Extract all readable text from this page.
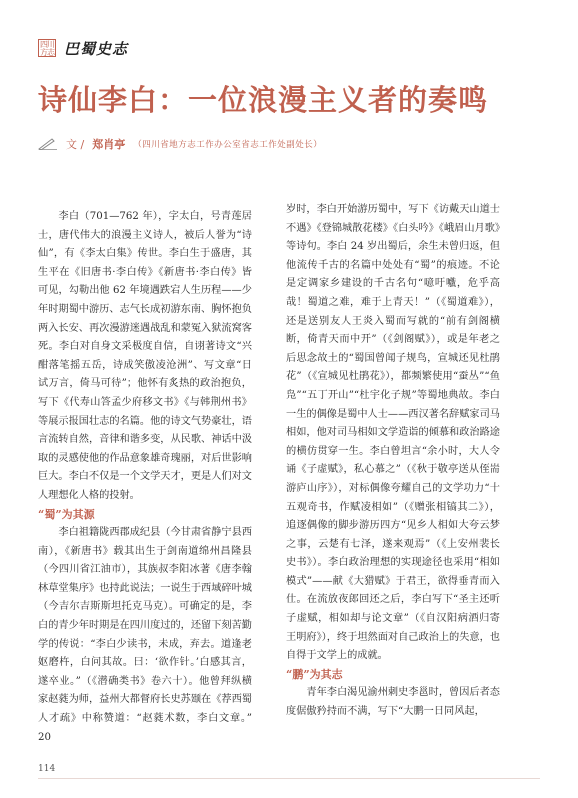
四川方志 巴蜀史志
诗仙李白：一位浪漫主义者的奏鸣
文 / 郑肖亭 （四川省地方志工作办公室省志工作处副处长）

李白（701—762 年），字太白，号青莲居士，唐代伟大的浪漫主义诗人，被后人誉为“诗仙”，有《李太白集》传世。李白生于盛唐，其生平在《旧唐书·李白传》《新唐书·李白传》皆可见，勾勒出他 62 年境遇跌宕人生历程——少年时期蜀中游历、志气长成初游东南、胸怀抱负两入长安、再次漫游迷遇战乱和蒙冤入狱流窝客死。李白对自身文采极度自信，自诩著诗文“兴酣落笔摇五岳，诗成笑傲凌沧洲”、写文章“日试万言，倚马可待”；他怀有炙热的政治抱负，写下《代寿山答孟少府移文书》《与韩荆州书》等展示报国壮志的名篇。他的诗文气势豪壮，语言流转自然，音律和谐多变，从民歌、神话中汲取的灵感使他的作品意象雄奇瑰丽，对后世影响巨大。李白不仅是一个文学天才，更是人们对文人理想化人格的投射。

“蜀”为其源

李白祖籍陇西郡成纪县（今甘肃省静宁县西南），《新唐书》载其出生于剑南道绵州昌隆县（今四川省江油市），其族叔李阳冰著《唐李翰林草堂集序》也持此说法；一说生于西域碎叶城（今吉尔吉斯斯坦托克马克）。可确定的是，李白的青少年时期是在四川度过的，还留下刻苦勤学的传说：“李白少读书，未成，弃去。道逢老妪磨杵，白问其故。曰：‘欲作针。’白感其言，遂卒业。”（《潜确类书》卷六十）。他曾拜纵横家赵蕤为师，益州大都督府长史苏颋在《荐西蜀人才疏》中称赞道：“赵蕤术数，李白文章。” 20

岁时，李白开始游历蜀中，写下《访戴天山道士不遇》《登锦城散花楼》《白头吟》《峨眉山月歌》等诗句。李白 24 岁出蜀后，余生未曾归返，但他流传千古的名篇中处处有“蜀”的痕迹。不论是定调家乡建设的千古名句“噫吁嚱，危乎高哉！蜀道之难，难于上青天！”（《蜀道难》），还是送别友人王炎入蜀而写就的“前有剑阁横断，倚青天而中开”（《剑阁赋》），或是年老之后思念故土的“蜀国曾闻子规鸟，宣城还见杜鹃花”（《宣城见杜鹃花》），都频繁使用“蚕丛”“鱼凫”“五丁开山”“杜宇化子规”等蜀地典故。李白一生的偶像是蜀中人士——西汉著名辞赋家司马相如，他对司马相如文学造诣的倾慕和政治路途的横仿贯穿一生。李白曾坦言“余小时，大人令诵《子虚赋》，私心慕之”（《秋于敬亭送从侄耑游庐山序》），对标偶像夸耀自己的文学功力“十五观奇书，作赋凌相如”（《赠张相镐其二》），追逐偶像的脚步游历四方“见乡人相如大夸云梦之事，云楚有七泽，遂来观焉”（《上安州裴长史书》）。李白政治理想的实现途径也采用“相如模式”——献《大猎赋》于君王，欲得垂青而入仕。在流放夜郎回还之后，李白写下“圣主还听子虚赋，相如却与论文章”（《自汉阳病酒归寄王明府》），终于坦然面对自己政治上的失意，也自得于文学上的成就。

“鹏”为其志

青年李白渴见渝州刺史李邕时，曾因后者态度倨傲矜持而不满，写下“大鹏一日同风起，

114
